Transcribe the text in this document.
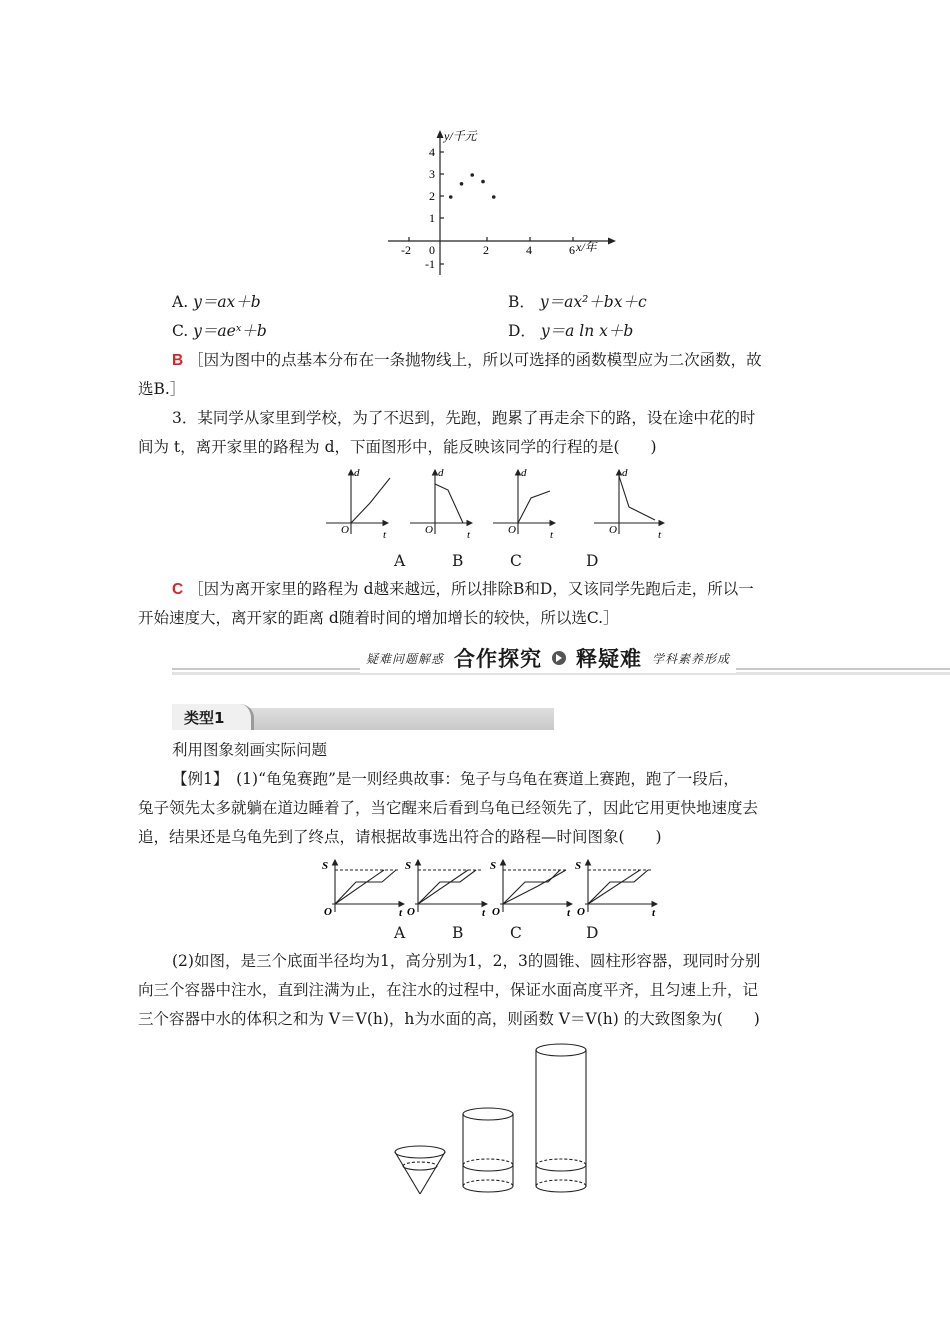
y/千元
x/年
0
-2	2	4	6
4
3
2
1
-1
A. y＝ax＋b	B． y＝ax²＋bx＋c
C. y＝aeˣ＋b	D． y＝a ln x＋b
B ［因为图中的点基本分布在一条抛物线上，所以可选择的函数模型应为二次函数，故
选B.］
3．某同学从家里到学校，为了不迟到，先跑，跑累了再走余下的路，设在途中花的时
间为 t，离开家里的路程为 d，下面图形中，能反映该同学的行程的是(　　)
d	d	d	d
t	t	t	t
O	O	O	O
A	B	C	D
C ［因为离开家里的路程为 d越来越远，所以排除B和D，又该同学先跑后走，所以一
开始速度大，离开家的距离 d随着时间的增加增长的较快，所以选C.］
疑难问题解惑 合作探究 释疑难 学科素养形成
类型1
利用图象刻画实际问题
【例1】　(1)“龟兔赛跑”是一则经典故事：兔子与乌龟在赛道上赛跑，跑了一段后，
兔子领先太多就躺在道边睡着了，当它醒来后看到乌龟已经领先了，因此它用更快地速度去
追，结果还是乌龟先到了终点，请根据故事选出符合的路程—时间图象(　　)
S	S	S	S
O	O	O	O
t	t	t	t
A	B	C	D
(2)如图，是三个底面半径均为1，高分别为1，2，3的圆锥、圆柱形容器，现同时分别
向三个容器中注水，直到注满为止，在注水的过程中，保证水面高度平齐，且匀速上升，记
三个容器中水的体积之和为 V＝V(h)，h为水面的高，则函数 V＝V(h) 的大致图象为(　　)
